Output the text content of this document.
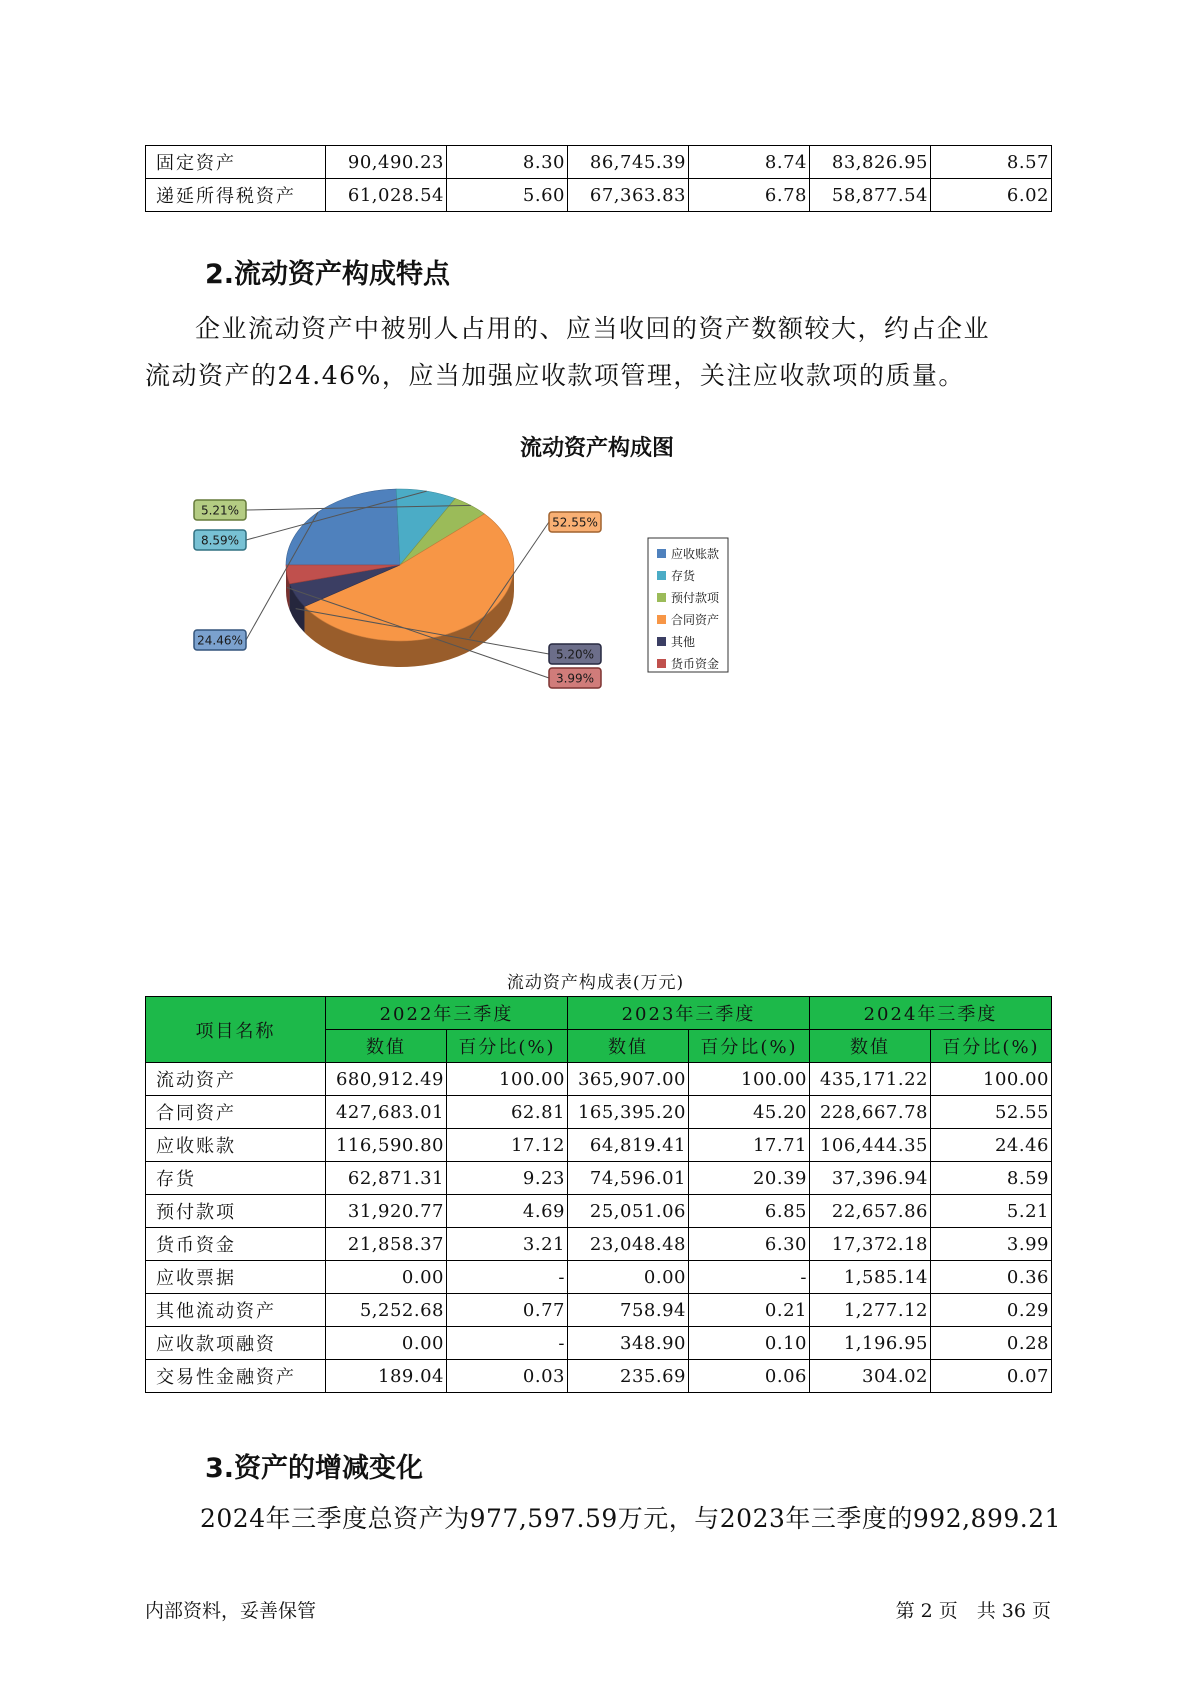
固定资产	90,490.23	8.30	86,745.39	8.74	83,826.95	8.57
递延所得税资产	61,028.54	5.60	67,363.83	6.78	58,877.54	6.02
2.流动资产构成特点

企业流动资产中被别人占用的、应当收回的资产数额较大，约占企业

流动资产的24.46%，应当加强应收款项管理，关注应收款项的质量。

流动资产构成图
24.46%
8.59%
5.21%
52.55%
5.20%
3.99%
应收账款
存货
预付款项
合同资产
其他
货币资金
流动资产构成表(万元)
项目名称	2022年三季度		2023年三季度		2024年三季度	
	数值	百分比(%)	数值	百分比(%)	数值	百分比(%)
流动资产	680,912.49	100.00	365,907.00	100.00	435,171.22	100.00
合同资产	427,683.01	62.81	165,395.20	45.20	228,667.78	52.55
应收账款	116,590.80	17.12	64,819.41	17.71	106,444.35	24.46
存货	62,871.31	9.23	74,596.01	20.39	37,396.94	8.59
预付款项	31,920.77	4.69	25,051.06	6.85	22,657.86	5.21
货币资金	21,858.37	3.21	23,048.48	6.30	17,372.18	3.99
应收票据	0.00	-	0.00	-	1,585.14	0.36
其他流动资产	5,252.68	0.77	758.94	0.21	1,277.12	0.29
应收款项融资	0.00	-	348.90	0.10	1,196.95	0.28
交易性金融资产	189.04	0.03	235.69	0.06	304.02	0.07
3.资产的增减变化

2024年三季度总资产为977,597.59万元，与2023年三季度的992,899.21

内部资料，妥善保管	第 2 页　共 36 页
